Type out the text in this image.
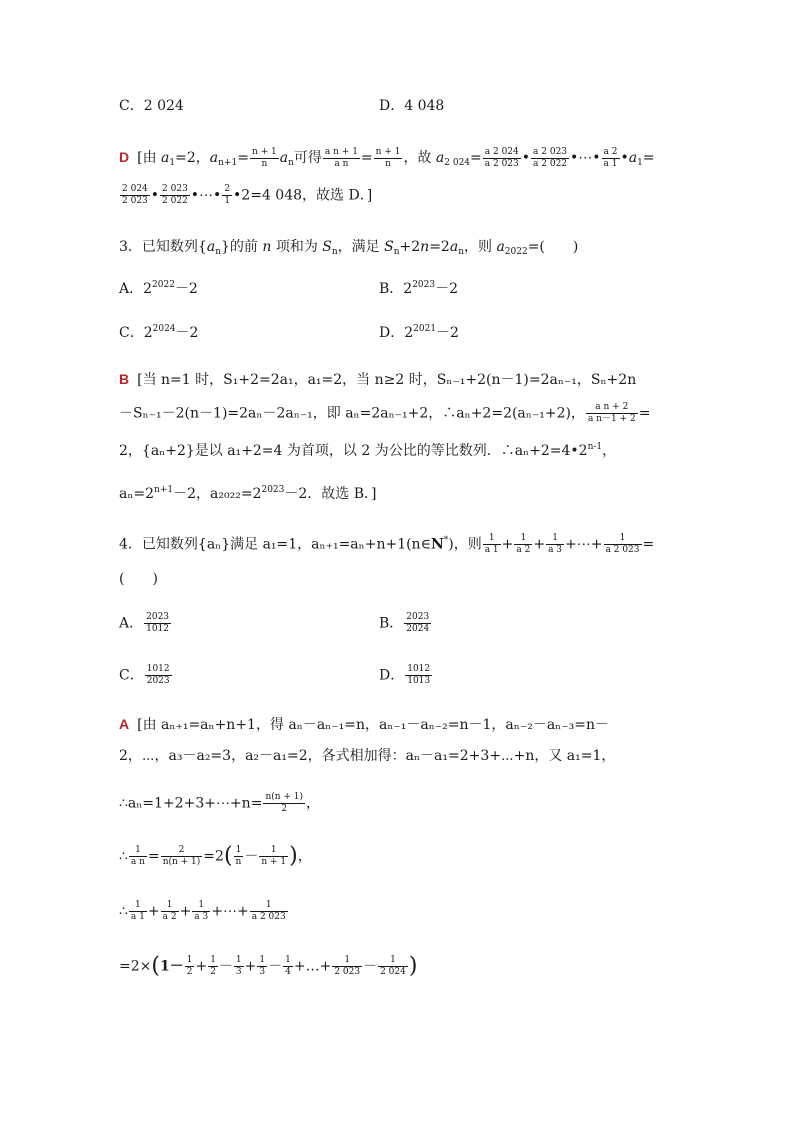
C．2 024	D．4 048
D [由 $a_1=2$，$a_{n+1}= \frac{n + 1}{n} a_n$可得 $\frac{\text{a n + 1}}{\text{a n}} = \frac{n + 1}{n}$ ，故 $a_{2 024}= \frac{a 2 024}{a 2 023}$ • $\frac{a 2 023}{a 2 022}$ •⋯• $\frac{a 2}{a 1}$ $•a_1=$
$\frac{2 024}{2 023}$ • $\frac{2 023}{2 022}$ •⋯• $\frac{2}{1}$ •2=4 048，故选 D．]
3．已知数列$\{a_n\}$的前 n 项和为 $S_n$，满足 $S_n+2n=2a_n$，则 $a_{2022}=$(　　)
A．$2^{2022}-2$	B．$2^{2023}-2$
C．$2^{2024}-2$	D．$2^{2021}-2$
B [当 n=1 时，S₁+2=2a₁，a₁=2，当 n≥2 时，Sₙ₋₁+2(n－1)=2aₙ₋₁，Sₙ+2n
－Sₙ₋₁－2(n－1)=2aₙ－2aₙ₋₁，即 aₙ=2aₙ₋₁+2，∴aₙ+2=2(aₙ₋₁+2)， $\frac{\text{a n + 2}}{\text{a n－1 + 2}}$ =
2，{aₙ+2}是以 a₁+2=4 为首项，以 2 为公比的等比数列．$\therefore a_n+2=4•2^{n-1}$，
$a_n=2^{n+1}-2$，$a_{2022}=2^{2023}-2$．故选 B．]
4．已知数列{aₙ}满足 a₁=1，aₙ₊₁=aₙ+n+1(n∈N*)，则 $\frac{1}{a 1} + \frac{1}{a 2} + \frac{1}{a 3}$ +⋯+ $\frac{1}{a 2 023}$ =
(　　)
A． $\frac{2023}{1012}$	B． $\frac{2023}{2024}$
C． $\frac{1012}{2023}$	D． $\frac{1012}{1013}$
A [由 aₙ₊₁=aₙ+n+1，得 aₙ－aₙ₋₁=n，aₙ₋₁－aₙ₋₂=n－1，aₙ₋₂－aₙ₋₃=n－
2，⋯，a₃－a₂=3，a₂－a₁=2，各式相加得：aₙ－a₁=2+3+⋯+n，又 a₁=1，
∴aₙ=1+2+3+⋯+n= $\frac{n(n + 1)}{2}$ ，
∴ $\frac{1}{\text{a n}} = \frac{2}{n(n + 1)} =2( \frac{1}{n} - \frac{1}{n + 1}$ )，
∴ $\frac{1}{a 1} + \frac{1}{a 2} + \frac{1}{a 3}$ +⋯+ $\frac{1}{a 2 023}$
$=2\times(1- \frac{1}{2} + \frac{1}{2} - \frac{1}{3} + \frac{1}{3} - \frac{1}{4}$ +…+ $\frac{1}{2 023} - \frac{1}{2 024}$ )
